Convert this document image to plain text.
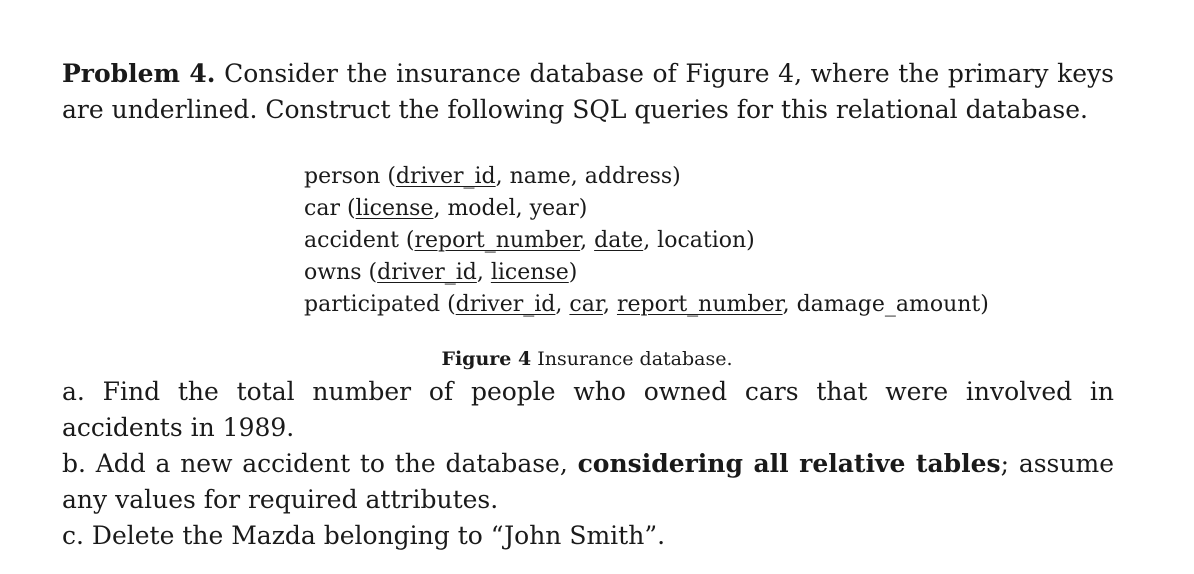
Problem 4. Consider the insurance database of Figure 4, where the primary keys are underlined. Construct the following SQL queries for this relational database.

person (driver_id, name, address)
car (license, model, year)
accident (report_number, date, location)
owns (driver_id, license)
participated (driver_id, car, report_number, damage_amount)
Figure 4 Insurance database.

a. Find the total number of people who owned cars that were involved in accidents in 1989.

b. Add a new accident to the database, considering all relative tables; assume any values for required attributes.

c. Delete the Mazda belonging to “John Smith”.
